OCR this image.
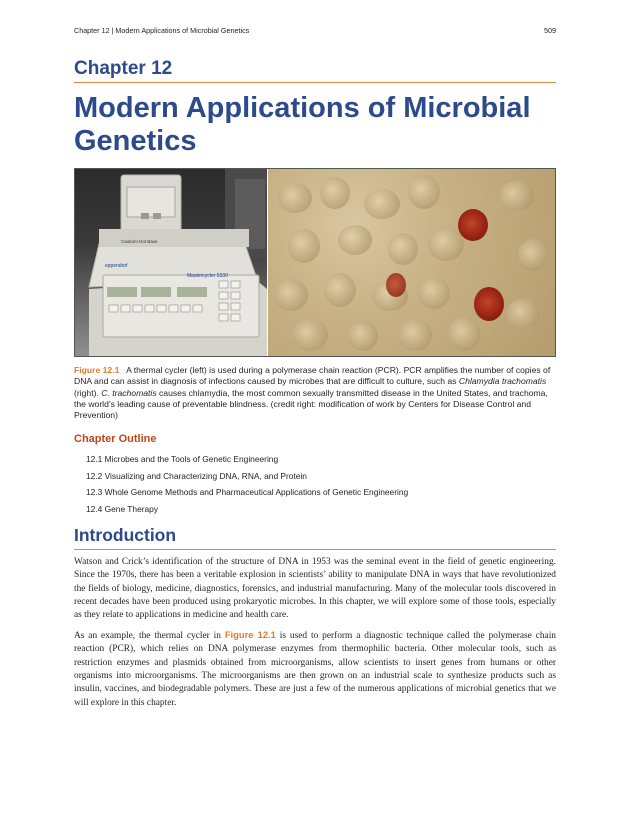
Chapter 12 | Modern Applications of Microbial Genetics	509
Chapter 12
Modern Applications of Microbial Genetics
eppendorf
Mastercycler 5330
Caution! Hot Base
Figure 12.1 A thermal cycler (left) is used during a polymerase chain reaction (PCR). PCR amplifies the number of copies of DNA and can assist in diagnosis of infections caused by microbes that are difficult to culture, such as Chlamydia trachomatis (right). C. trachomatis causes chlamydia, the most common sexually transmitted disease in the United States, and trachoma, the world’s leading cause of preventable blindness. (credit right: modification of work by Centers for Disease Control and Prevention)
Chapter Outline
12.1 Microbes and the Tools of Genetic Engineering
12.2 Visualizing and Characterizing DNA, RNA, and Protein
12.3 Whole Genome Methods and Pharmaceutical Applications of Genetic Engineering
12.4 Gene Therapy
Introduction

Watson and Crick’s identification of the structure of DNA in 1953 was the seminal event in the field of genetic engineering. Since the 1970s, there has been a veritable explosion in scientists’ ability to manipulate DNA in ways that have revolutionized the fields of biology, medicine, diagnostics, forensics, and industrial manufacturing. Many of the molecular tools discovered in recent decades have been produced using prokaryotic microbes. In this chapter, we will explore some of those tools, especially as they relate to applications in medicine and health care.

As an example, the thermal cycler in Figure 12.1 is used to perform a diagnostic technique called the polymerase chain reaction (PCR), which relies on DNA polymerase enzymes from thermophilic bacteria. Other molecular tools, such as restriction enzymes and plasmids obtained from microorganisms, allow scientists to insert genes from humans or other organisms into microorganisms. The microorganisms are then grown on an industrial scale to synthesize products such as insulin, vaccines, and biodegradable polymers. These are just a few of the numerous applications of microbial genetics that we will explore in this chapter.
